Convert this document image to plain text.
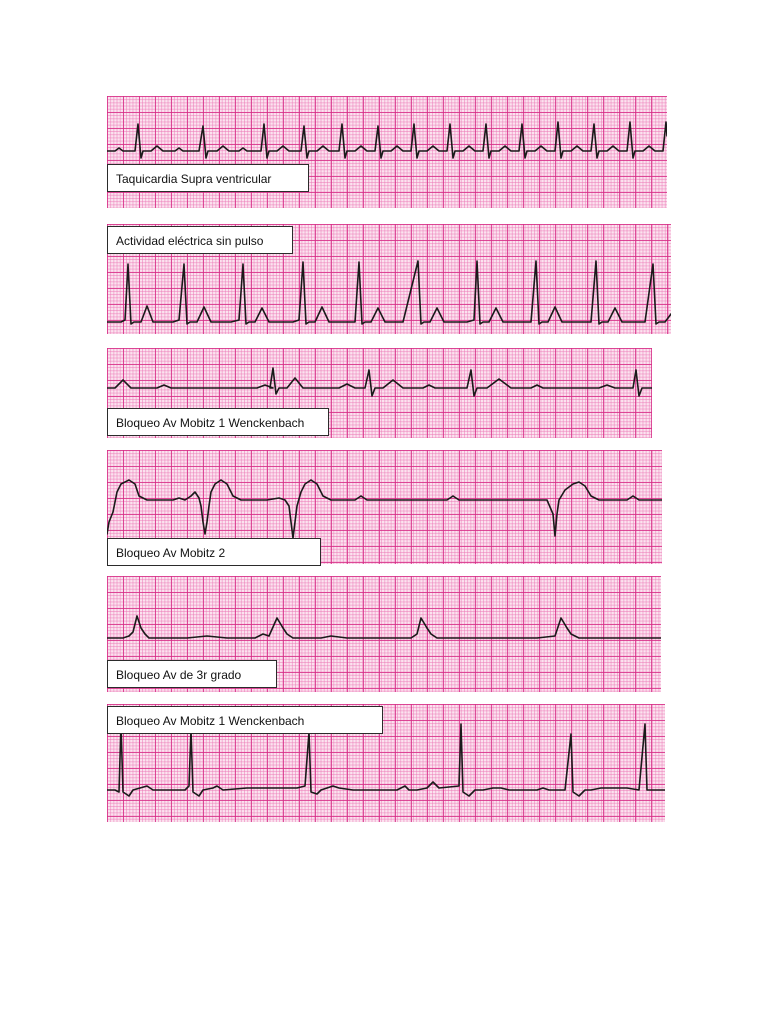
Taquicardia Supra ventricular
Actividad eléctrica sin pulso
Bloqueo Av Mobitz 1 Wenckenbach
Bloqueo Av Mobitz 2
Bloqueo Av de 3r grado
Bloqueo Av Mobitz 1 Wenckenbach
